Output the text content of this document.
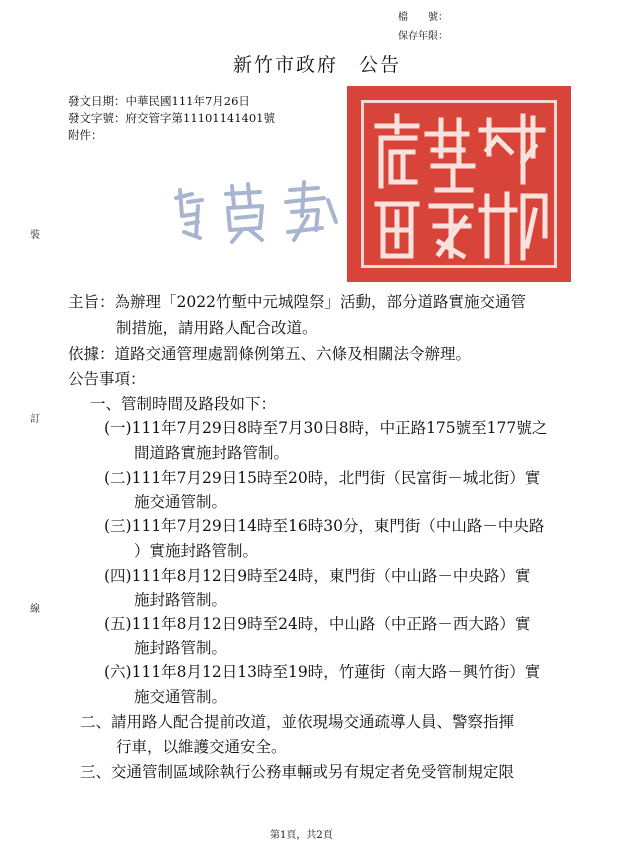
檔　　號：
保存年限：
新竹市政府　公告
發文日期：中華民國111年7月26日
發文字號：府交管字第11101141401號
附件：
裝
訂
線
主旨：為辦理「2022竹塹中元城隍祭」活動，部分道路實施交通管
制措施，請用路人配合改道。
依據：道路交通管理處罰條例第五、六條及相關法令辦理。
公告事項：
一、管制時間及路段如下：
(一)111年7月29日8時至7月30日8時，中正路175號至177號之
間道路實施封路管制。
(二)111年7月29日15時至20時，北門街（民富街－城北街）實
施交通管制。
(三)111年7月29日14時至16時30分，東門街（中山路－中央路
）實施封路管制。
(四)111年8月12日9時至24時，東門街（中山路－中央路）實
施封路管制。
(五)111年8月12日9時至24時，中山路（中正路－西大路）實
施封路管制。
(六)111年8月12日13時至19時，竹蓮街（南大路－興竹街）實
施交通管制。
二、請用路人配合提前改道，並依現場交通疏導人員、警察指揮
行車，以維護交通安全。
三、交通管制區域除執行公務車輛或另有規定者免受管制規定限
第1頁，共2頁
